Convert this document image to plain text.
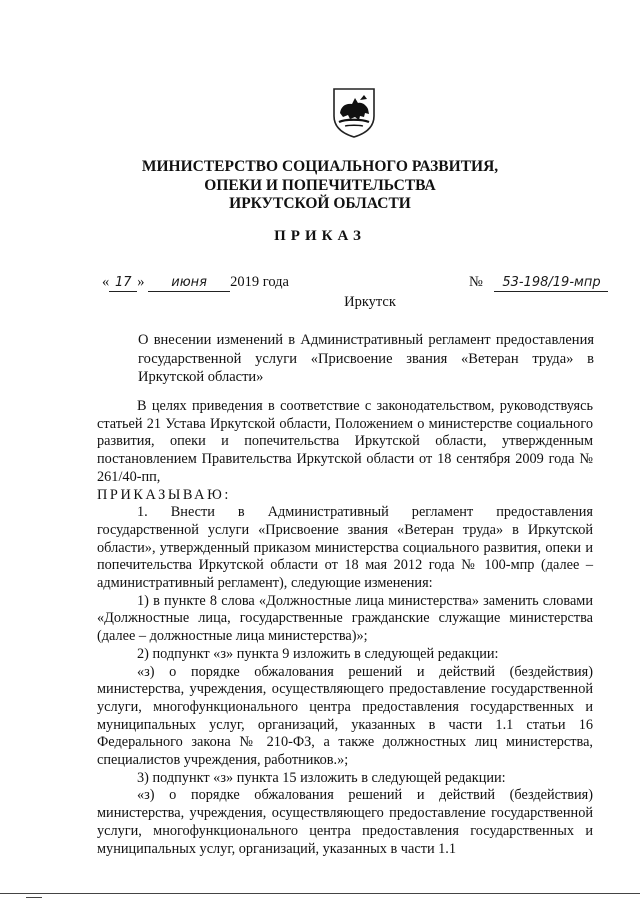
МИНИСТЕРСТВО СОЦИАЛЬНОГО РАЗВИТИЯ,
ОПЕКИ И ПОПЕЧИТЕЛЬСТВА
ИРКУТСКОЙ ОБЛАСТИ
ПРИКАЗ
« 17 » июня 2019 года	№ 53-198/19-мпр
Иркутск
О внесении изменений в Административный регламент предоставления государственной услуги «Присвоение звания «Ветеран труда» в Иркутской области»

В целях приведения в соответствие с законодательством, руководствуясь статьей 21 Устава Иркутской области, Положением о министерстве социального развития, опеки и попечительства Иркутской области, утвержденным постановлением Правительства Иркутской области от 18 сентября 2009 года № 261/40-пп,

ПРИКАЗЫВАЮ:

1. Внести в Административный регламент предоставления государственной услуги «Присвоение звания «Ветеран труда» в Иркутской области», утвержденный приказом министерства социального развития, опеки и попечительства Иркутской области от 18 мая 2012 года № 100-мпр (далее – административный регламент), следующие изменения:

1) в пункте 8 слова «Должностные лица министерства» заменить словами «Должностные лица, государственные гражданские служащие министерства (далее – должностные лица министерства)»;

2) подпункт «з» пункта 9 изложить в следующей редакции:

«з) о порядке обжалования решений и действий (бездействия) министерства, учреждения, осуществляющего предоставление государственной услуги, многофункционального центра предоставления государственных и муниципальных услуг, организаций, указанных в части 1.1 статьи 16 Федерального закона № 210-ФЗ, а также должностных лиц министерства, специалистов учреждения, работников.»;

3) подпункт «з» пункта 15 изложить в следующей редакции:

«з) о порядке обжалования решений и действий (бездействия) министерства, учреждения, осуществляющего предоставление государственной услуги, многофункционального центра предоставления государственных и муниципальных услуг, организаций, указанных в части 1.1
